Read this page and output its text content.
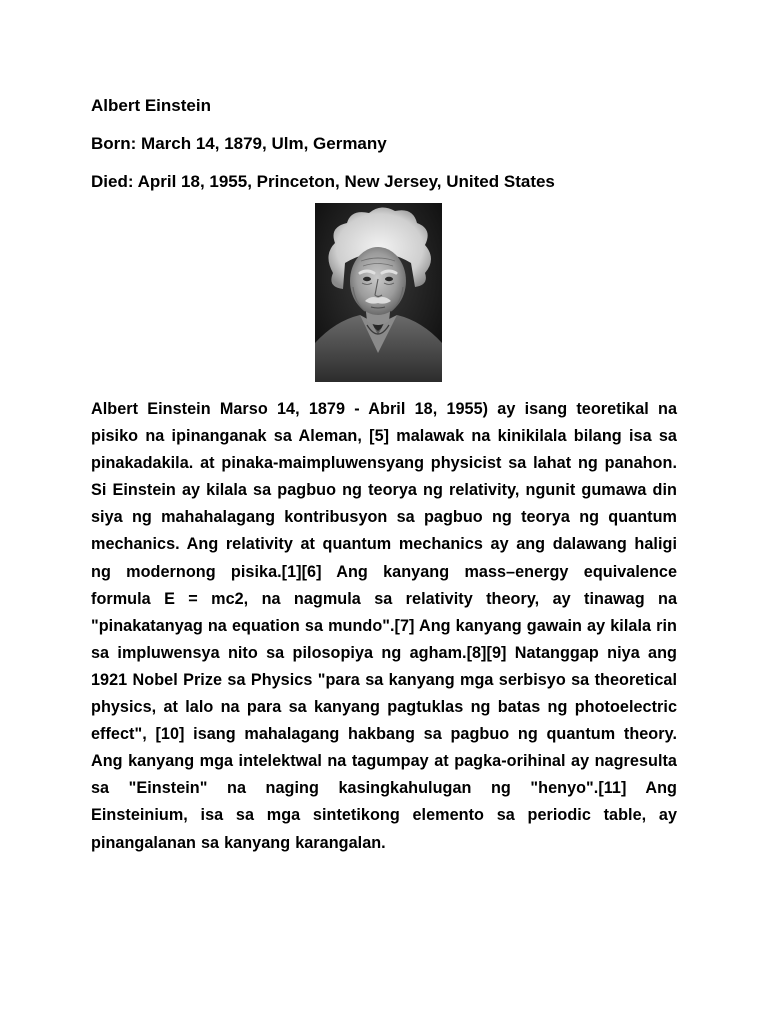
Albert Einstein
Born: March 14, 1879, Ulm, Germany
Died: April 18, 1955, Princeton, New Jersey, United States

Albert Einstein Marso 14, 1879 - Abril 18, 1955) ay isang teoretikal na pisiko na ipinanganak sa Aleman, [5] malawak na kinikilala bilang isa sa pinakadakila. at pinaka-maimpluwensyang physicist sa lahat ng panahon. Si Einstein ay kilala sa pagbuo ng teorya ng relativity, ngunit gumawa din siya ng mahahalagang kontribusyon sa pagbuo ng teorya ng quantum mechanics. Ang relativity at quantum mechanics ay ang dalawang haligi ng modernong pisika.[1][6] Ang kanyang mass–energy equivalence formula E = mc2, na nagmula sa relativity theory, ay tinawag na "pinakatanyag na equation sa mundo".[7] Ang kanyang gawain ay kilala rin sa impluwensya nito sa pilosopiya ng agham.[8][9] Natanggap niya ang 1921 Nobel Prize sa Physics "para sa kanyang mga serbisyo sa theoretical physics, at lalo na para sa kanyang pagtuklas ng batas ng photoelectric effect", [10] isang mahalagang hakbang sa pagbuo ng quantum theory. Ang kanyang mga intelektwal na tagumpay at pagka-orihinal ay nagresulta sa "Einstein" na naging kasingkahulugan ng "henyo".[11] Ang Einsteinium, isa sa mga sintetikong elemento sa periodic table, ay pinangalanan sa kanyang karangalan.
